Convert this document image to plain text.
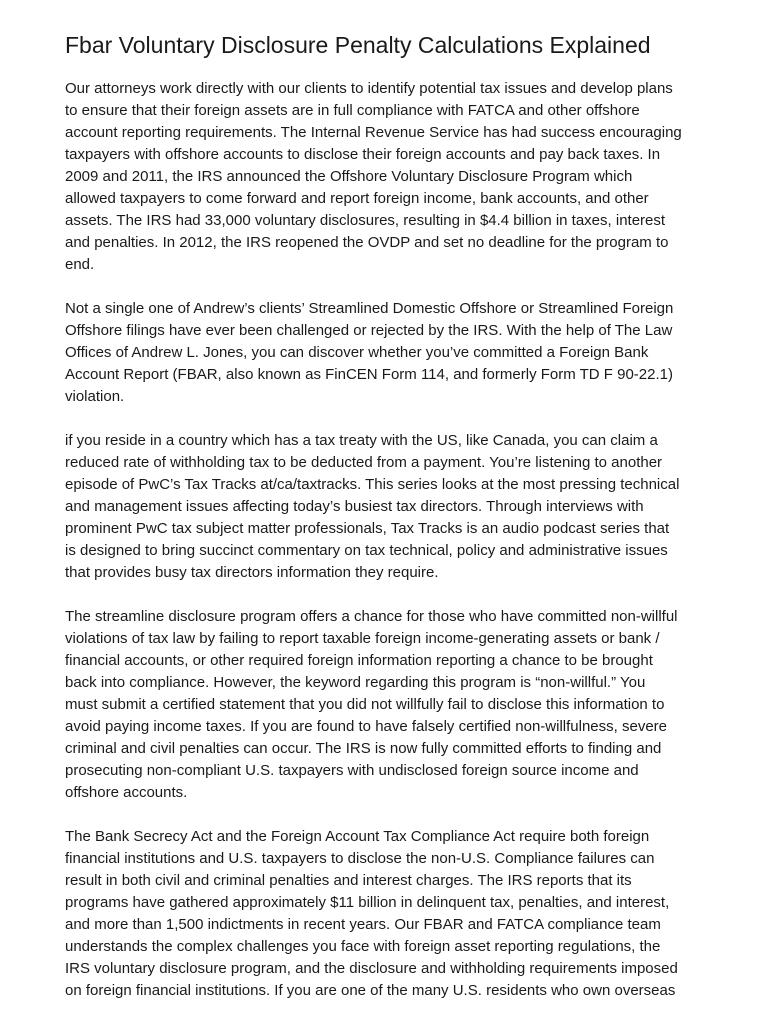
Fbar Voluntary Disclosure Penalty Calculations Explained

Our attorneys work directly with our clients to identify potential tax issues and develop plans
to ensure that their foreign assets are in full compliance with FATCA and other offshore
account reporting requirements. The Internal Revenue Service has had success encouraging
taxpayers with offshore accounts to disclose their foreign accounts and pay back taxes. In
2009 and 2011, the IRS announced the Offshore Voluntary Disclosure Program which
allowed taxpayers to come forward and report foreign income, bank accounts, and other
assets. The IRS had 33,000 voluntary disclosures, resulting in $4.4 billion in taxes, interest
and penalties. In 2012, the IRS reopened the OVDP and set no deadline for the program to
end.

Not a single one of Andrew’s clients’ Streamlined Domestic Offshore or Streamlined Foreign
Offshore filings have ever been challenged or rejected by the IRS. With the help of The Law
Offices of Andrew L. Jones, you can discover whether you’ve committed a Foreign Bank
Account Report (FBAR, also known as FinCEN Form 114, and formerly Form TD F 90-22.1)
violation.

if you reside in a country which has a tax treaty with the US, like Canada, you can claim a
reduced rate of withholding tax to be deducted from a payment. You’re listening to another
episode of PwC’s Tax Tracks at/ca/taxtracks. This series looks at the most pressing technical
and management issues affecting today’s busiest tax directors. Through interviews with
prominent PwC tax subject matter professionals, Tax Tracks is an audio podcast series that
is designed to bring succinct commentary on tax technical, policy and administrative issues
that provides busy tax directors information they require.

The streamline disclosure program offers a chance for those who have committed non-willful
violations of tax law by failing to report taxable foreign income-generating assets or bank /
financial accounts, or other required foreign information reporting a chance to be brought
back into compliance. However, the keyword regarding this program is “non-willful.” You
must submit a certified statement that you did not willfully fail to disclose this information to
avoid paying income taxes. If you are found to have falsely certified non-willfulness, severe
criminal and civil penalties can occur. The IRS is now fully committed efforts to finding and
prosecuting non-compliant U.S. taxpayers with undisclosed foreign source income and
offshore accounts.

The Bank Secrecy Act and the Foreign Account Tax Compliance Act require both foreign
financial institutions and U.S. taxpayers to disclose the non-U.S. Compliance failures can
result in both civil and criminal penalties and interest charges. The IRS reports that its
programs have gathered approximately $11 billion in delinquent tax, penalties, and interest,
and more than 1,500 indictments in recent years. Our FBAR and FATCA compliance team
understands the complex challenges you face with foreign asset reporting regulations, the
IRS voluntary disclosure program, and the disclosure and withholding requirements imposed
on foreign financial institutions. If you are one of the many U.S. residents who own overseas
